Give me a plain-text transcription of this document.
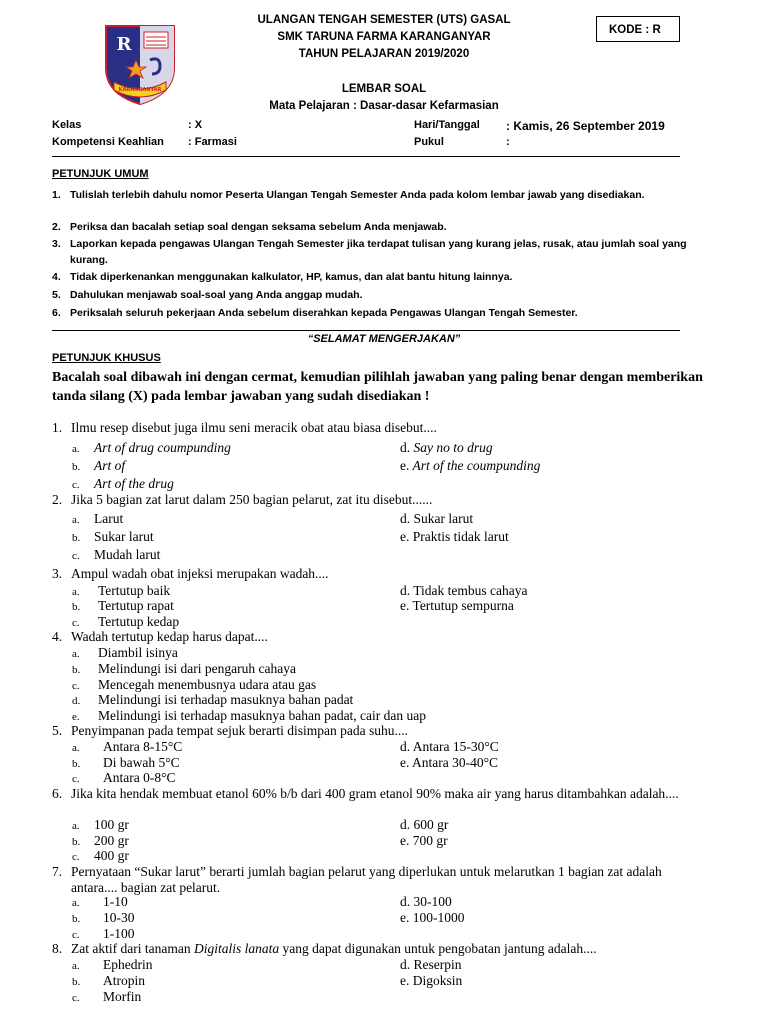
R
KARANGANYAR
ULANGAN TENGAH SEMESTER (UTS) GASAL
SMK TARUNA FARMA KARANGANYAR
TAHUN PELAJARAN 2019/2020
LEMBAR SOAL
Mata Pelajaran : Dasar-dasar Kefarmasian
KODE : R
Kelas	: X	Hari/Tanggal : Kamis, 26 September 2019
Kompetensi Keahlian : Farmasi	Pukul	:
PETUNJUK UMUM
1. Tulislah terlebih dahulu nomor Peserta Ulangan Tengah Semester Anda pada kolom lembar jawab yang disediakan.
2. Periksa dan bacalah setiap soal dengan seksama sebelum Anda menjawab.
3. Laporkan kepada pengawas Ulangan Tengah Semester jika terdapat tulisan yang kurang jelas, rusak, atau jumlah soal yang kurang.
4. Tidak diperkenankan menggunakan kalkulator, HP, kamus, dan alat bantu hitung lainnya.
5. Dahulukan menjawab soal-soal yang Anda anggap mudah.
6. Periksalah seluruh pekerjaan Anda sebelum diserahkan kepada Pengawas Ulangan Tengah Semester.
“SELAMAT MENGERJAKAN”
PETUNJUK KHUSUS
Bacalah soal dibawah ini dengan cermat, kemudian pilihlah jawaban yang paling benar dengan memberikan tanda silang (X) pada lembar jawaban yang sudah disediakan !
1. Ilmu resep disebut juga ilmu seni meracik obat atau biasa disebut....
a. Art of drug coumpunding
b. Art of
c. Art of the drug
d. Say no to drug
e. Art of the coumpunding
2. Jika 5 bagian zat larut dalam 250 bagian pelarut, zat itu disebut......
a. Larut
b. Sukar larut
c. Mudah larut
d. Sukar larut
e. Praktis tidak larut
3. Ampul wadah obat injeksi merupakan wadah....
a. Tertutup baik
b. Tertutup rapat
c. Tertutup kedap
d. Tidak tembus cahaya
e. Tertutup sempurna
4. Wadah tertutup kedap harus dapat....
a. Diambil isinya
b. Melindungi isi dari pengaruh cahaya
c. Mencegah menembusnya udara atau gas
d. Melindungi isi terhadap masuknya bahan padat
e. Melindungi isi terhadap masuknya bahan padat, cair dan uap
5. Penyimpanan pada tempat sejuk berarti disimpan pada suhu....
a. Antara 8-15°C
b. Di bawah 5°C
c. Antara 0-8°C
d. Antara 15-30°C
e. Antara 30-40°C
6. Jika kita hendak membuat etanol 60% b/b dari 400 gram etanol 90% maka air yang harus ditambahkan adalah....
a. 100 gr
b. 200 gr
c. 400 gr
d. 600 gr
e. 700 gr
7. Pernyataan “Sukar larut” berarti jumlah bagian pelarut yang diperlukan untuk melarutkan 1 bagian zat adalah antara.... bagian zat pelarut.
a. 1-10
b. 10-30
c. 1-100
d. 30-100
e. 100-1000
8. Zat aktif dari tanaman Digitalis lanata yang dapat digunakan untuk pengobatan jantung adalah....
a. Ephedrin
b. Atropin
c. Morfin
d. Reserpin
e. Digoksin
